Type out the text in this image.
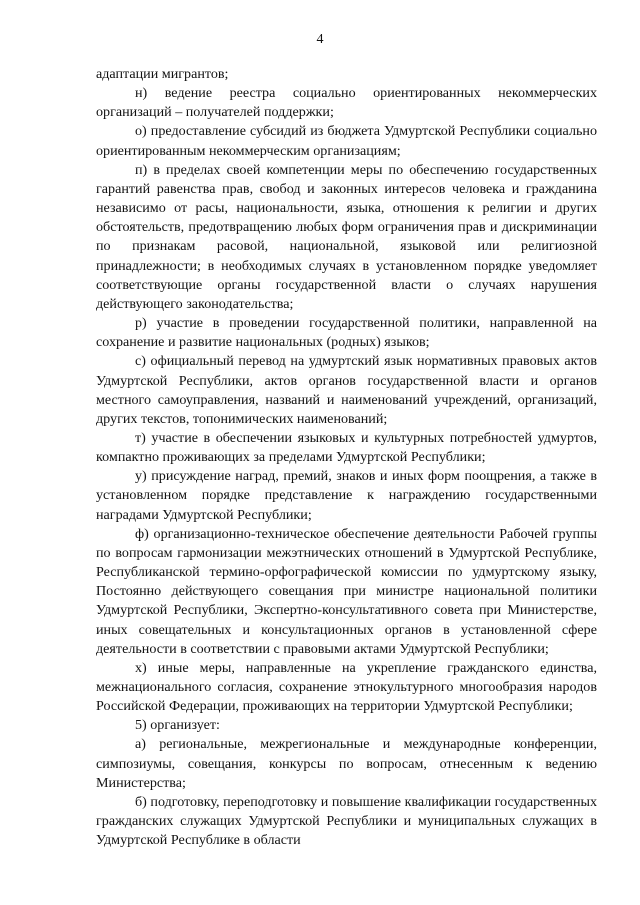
4

адаптации мигрантов;

н) ведение реестра социально ориентированных некоммерческих организаций – получателей поддержки;

о) предоставление субсидий из бюджета Удмуртской Республики социально ориентированным некоммерческим организациям;

п) в пределах своей компетенции меры по обеспечению государственных гарантий равенства прав, свобод и законных интересов человека и гражданина независимо от расы, национальности, языка, отношения к религии и других обстоятельств, предотвращению любых форм ограничения прав и дискриминации по признакам расовой, национальной, языковой или религиозной принадлежности; в необходимых случаях в установленном порядке уведомляет соответствующие органы государственной власти о случаях нарушения действующего законодательства;

р) участие в проведении государственной политики, направленной на сохранение и развитие национальных (родных) языков;

с) официальный перевод на удмуртский язык нормативных правовых актов Удмуртской Республики, актов органов государственной власти и органов местного самоуправления, названий и наименований учреждений, организаций, других текстов, топонимических наименований;

т) участие в обеспечении языковых и культурных потребностей удмуртов, компактно проживающих за пределами Удмуртской Республики;

у) присуждение наград, премий, знаков и иных форм поощрения, а также в установленном порядке представление к награждению государственными наградами Удмуртской Республики;

ф) организационно-техническое обеспечение деятельности Рабочей группы по вопросам гармонизации межэтнических отношений в Удмуртской Республике, Республиканской термино-орфографической комиссии по удмуртскому языку, Постоянно действующего совещания при министре национальной политики Удмуртской Республики, Экспертно-консультативного совета при Министерстве, иных совещательных и консультационных органов в установленной сфере деятельности в соответствии с правовыми актами Удмуртской Республики;

х) иные меры, направленные на укрепление гражданского единства, межнационального согласия, сохранение этнокультурного многообразия народов Российской Федерации, проживающих на территории Удмуртской Республики;

5) организует:

а) региональные, межрегиональные и международные конференции, симпозиумы, совещания, конкурсы по вопросам, отнесенным к ведению Министерства;

б) подготовку, переподготовку и повышение квалификации государственных гражданских служащих Удмуртской Республики и муниципальных служащих в Удмуртской Республике в области
